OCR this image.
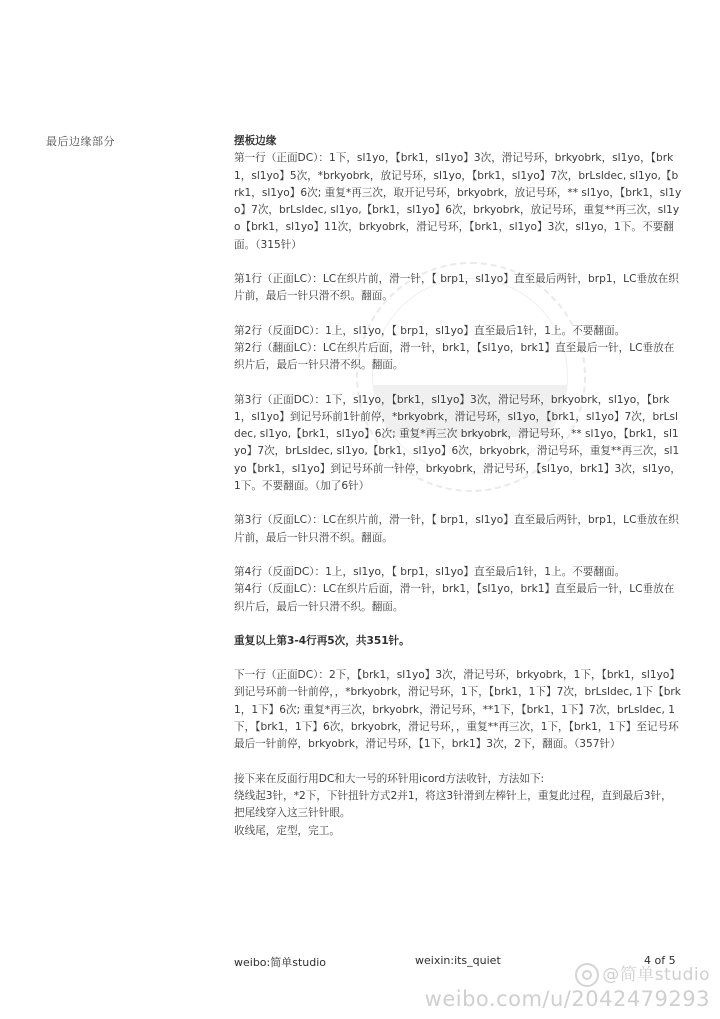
最后边缘部分	摆板边缘

第一行（正面DC）：1下，sl1yo，【brk1，sl1yo】3次，滑记号环，brkyobrk，sl1yo，【brk1，sl1yo】5次，*brkyobrk，放记号环，sl1yo，【brk1，sl1yo】7次，brLsldec, sl1yo,【brk1，sl1yo】6次; 重复*再三次，取开记号环，brkyobrk，放记号环，** sl1yo，【brk1，sl1yo】7次，brLsldec, sl1yo,【brk1，sl1yo】6次，brkyobrk，放记号环，重复**再三次，sl1yo【brk1，sl1yo】11次，brkyobrk，滑记号环，【brk1，sl1yo】3次，sl1yo，1下。不要翻面。（315针）

第1行（正面LC）：LC在织片前，滑一针，【 brp1，sl1yo】直至最后两针，brp1，LC垂放在织片前，最后一针只滑不织。翻面。

第2行（反面DC）：1上，sl1yo，【 brp1，sl1yo】直至最后1针，1上。不要翻面。

第2行（翻面LC）：LC在织片后面，滑一针，brk1，【sl1yo，brk1】直至最后一针，LC垂放在织片后，最后一针只滑不织。翻面。

第3行（正面DC）：1下，sl1yo，【brk1，sl1yo】3次，滑记号环，brkyobrk，sl1yo，【brk1，sl1yo】到记号环前1针前停，*brkyobrk，滑记号环，sl1yo，【brk1，sl1yo】7次，brLsldec, sl1yo,【brk1，sl1yo】6次; 重复*再三次 brkyobrk，滑记号环，** sl1yo，【brk1，sl1yo】7次，brLsldec, sl1yo,【brk1，sl1yo】6次，brkyobrk，滑记号环，重复**再三次，sl1yo【brk1，sl1yo】到记号环前一针停，brkyobrk，滑记号环，【sl1yo，brk1】3次，sl1yo，1下。不要翻面。（加了6针）

第3行（反面LC）：LC在织片前，滑一针，【 brp1，sl1yo】直至最后两针，brp1，LC垂放在织片前，最后一针只滑不织。翻面。

第4行（反面DC）：1上，sl1yo，【 brp1，sl1yo】直至最后1针，1上。不要翻面。

第4行（反面LC）：LC在织片后面，滑一针，brk1，【sl1yo，brk1】直至最后一针，LC垂放在织片后，最后一针只滑不织。翻面。

重复以上第3-4行再5次，共351针。

下一行（正面DC）：2下，【brk1，sl1yo】3次，滑记号环，brkyobrk，1下，【brk1，sl1yo】到记号环前一针前停，，*brkyobrk，滑记号环，1下，【brk1，1下】7次，brLsldec, 1下【brk1，1下】6次; 重复*再三次，brkyobrk，滑记号环，**1下，【brk1，1下】7次，brLsldec, 1下，【brk1，1下】6次，brkyobrk，滑记号环，，重复**再三次，1下，【brk1，1下】至记号环最后一针前停，brkyobrk，滑记号环，【1下，brk1】3次，2下，翻面。（357针）

接下来在反面行用DC和大一号的环针用icord方法收针，方法如下:
绕线起3针，*2下，下针扭针方式2并1，将这3针滑到左棒针上，重复此过程，直到最后3针，把尾线穿入这三针针眼。
收线尾，定型，完工。

weibo:简单studio	weixin:its_quiet	4 of 5
@简单studio
weibo.com/u/2042479293
